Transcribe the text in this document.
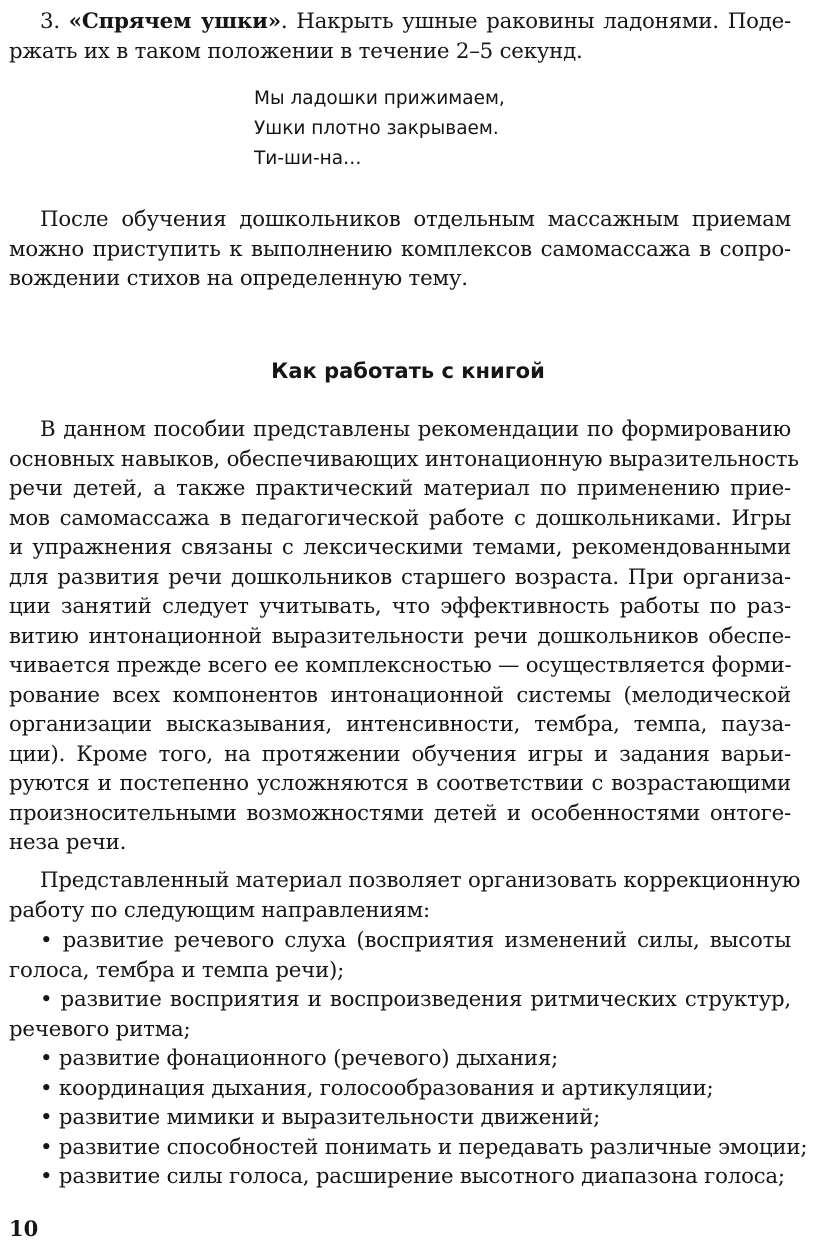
3. «Спрячем ушки». Накрыть ушные раковины ладонями. Поде-
ржать их в таком положении в течение 2–5 секунд.
Мы ладошки прижимаем,
Ушки плотно закрываем.
Ти-ши-на…
После обучения дошкольников отдельным массажным приемам
можно приступить к выполнению комплексов самомассажа в сопро-
вождении стихов на определенную тему.
Как работать с книгой
В данном пособии представлены рекомендации по формированию
основных навыков, обеспечивающих интонационную выразительность
речи детей, а также практический материал по применению прие-
мов самомассажа в педагогической работе с дошкольниками. Игры
и упражнения связаны с лексическими темами, рекомендованными
для развития речи дошкольников старшего возраста. При организа-
ции занятий следует учитывать, что эффективность работы по раз-
витию интонационной выразительности речи дошкольников обеспе-
чивается прежде всего ее комплексностью — осуществляется форми-
рование всех компонентов интонационной системы (мелодической
организации высказывания, интенсивности, тембра, темпа, пауза-
ции). Кроме того, на протяжении обучения игры и задания варьи-
руются и постепенно усложняются в соответствии с возрастающими
произносительными возможностями детей и особенностями онтоге-
неза речи.
Представленный материал позволяет организовать коррекционную
работу по следующим направлениям:
• развитие речевого слуха (восприятия изменений силы, высоты
голоса, тембра и темпа речи);
• развитие восприятия и воспроизведения ритмических структур,
речевого ритма;
• развитие фонационного (речевого) дыхания;
• координация дыхания, голосообразования и артикуляции;
• развитие мимики и выразительности движений;
• развитие способностей понимать и передавать различные эмоции;
• развитие силы голоса, расширение высотного диапазона голоса;
10
